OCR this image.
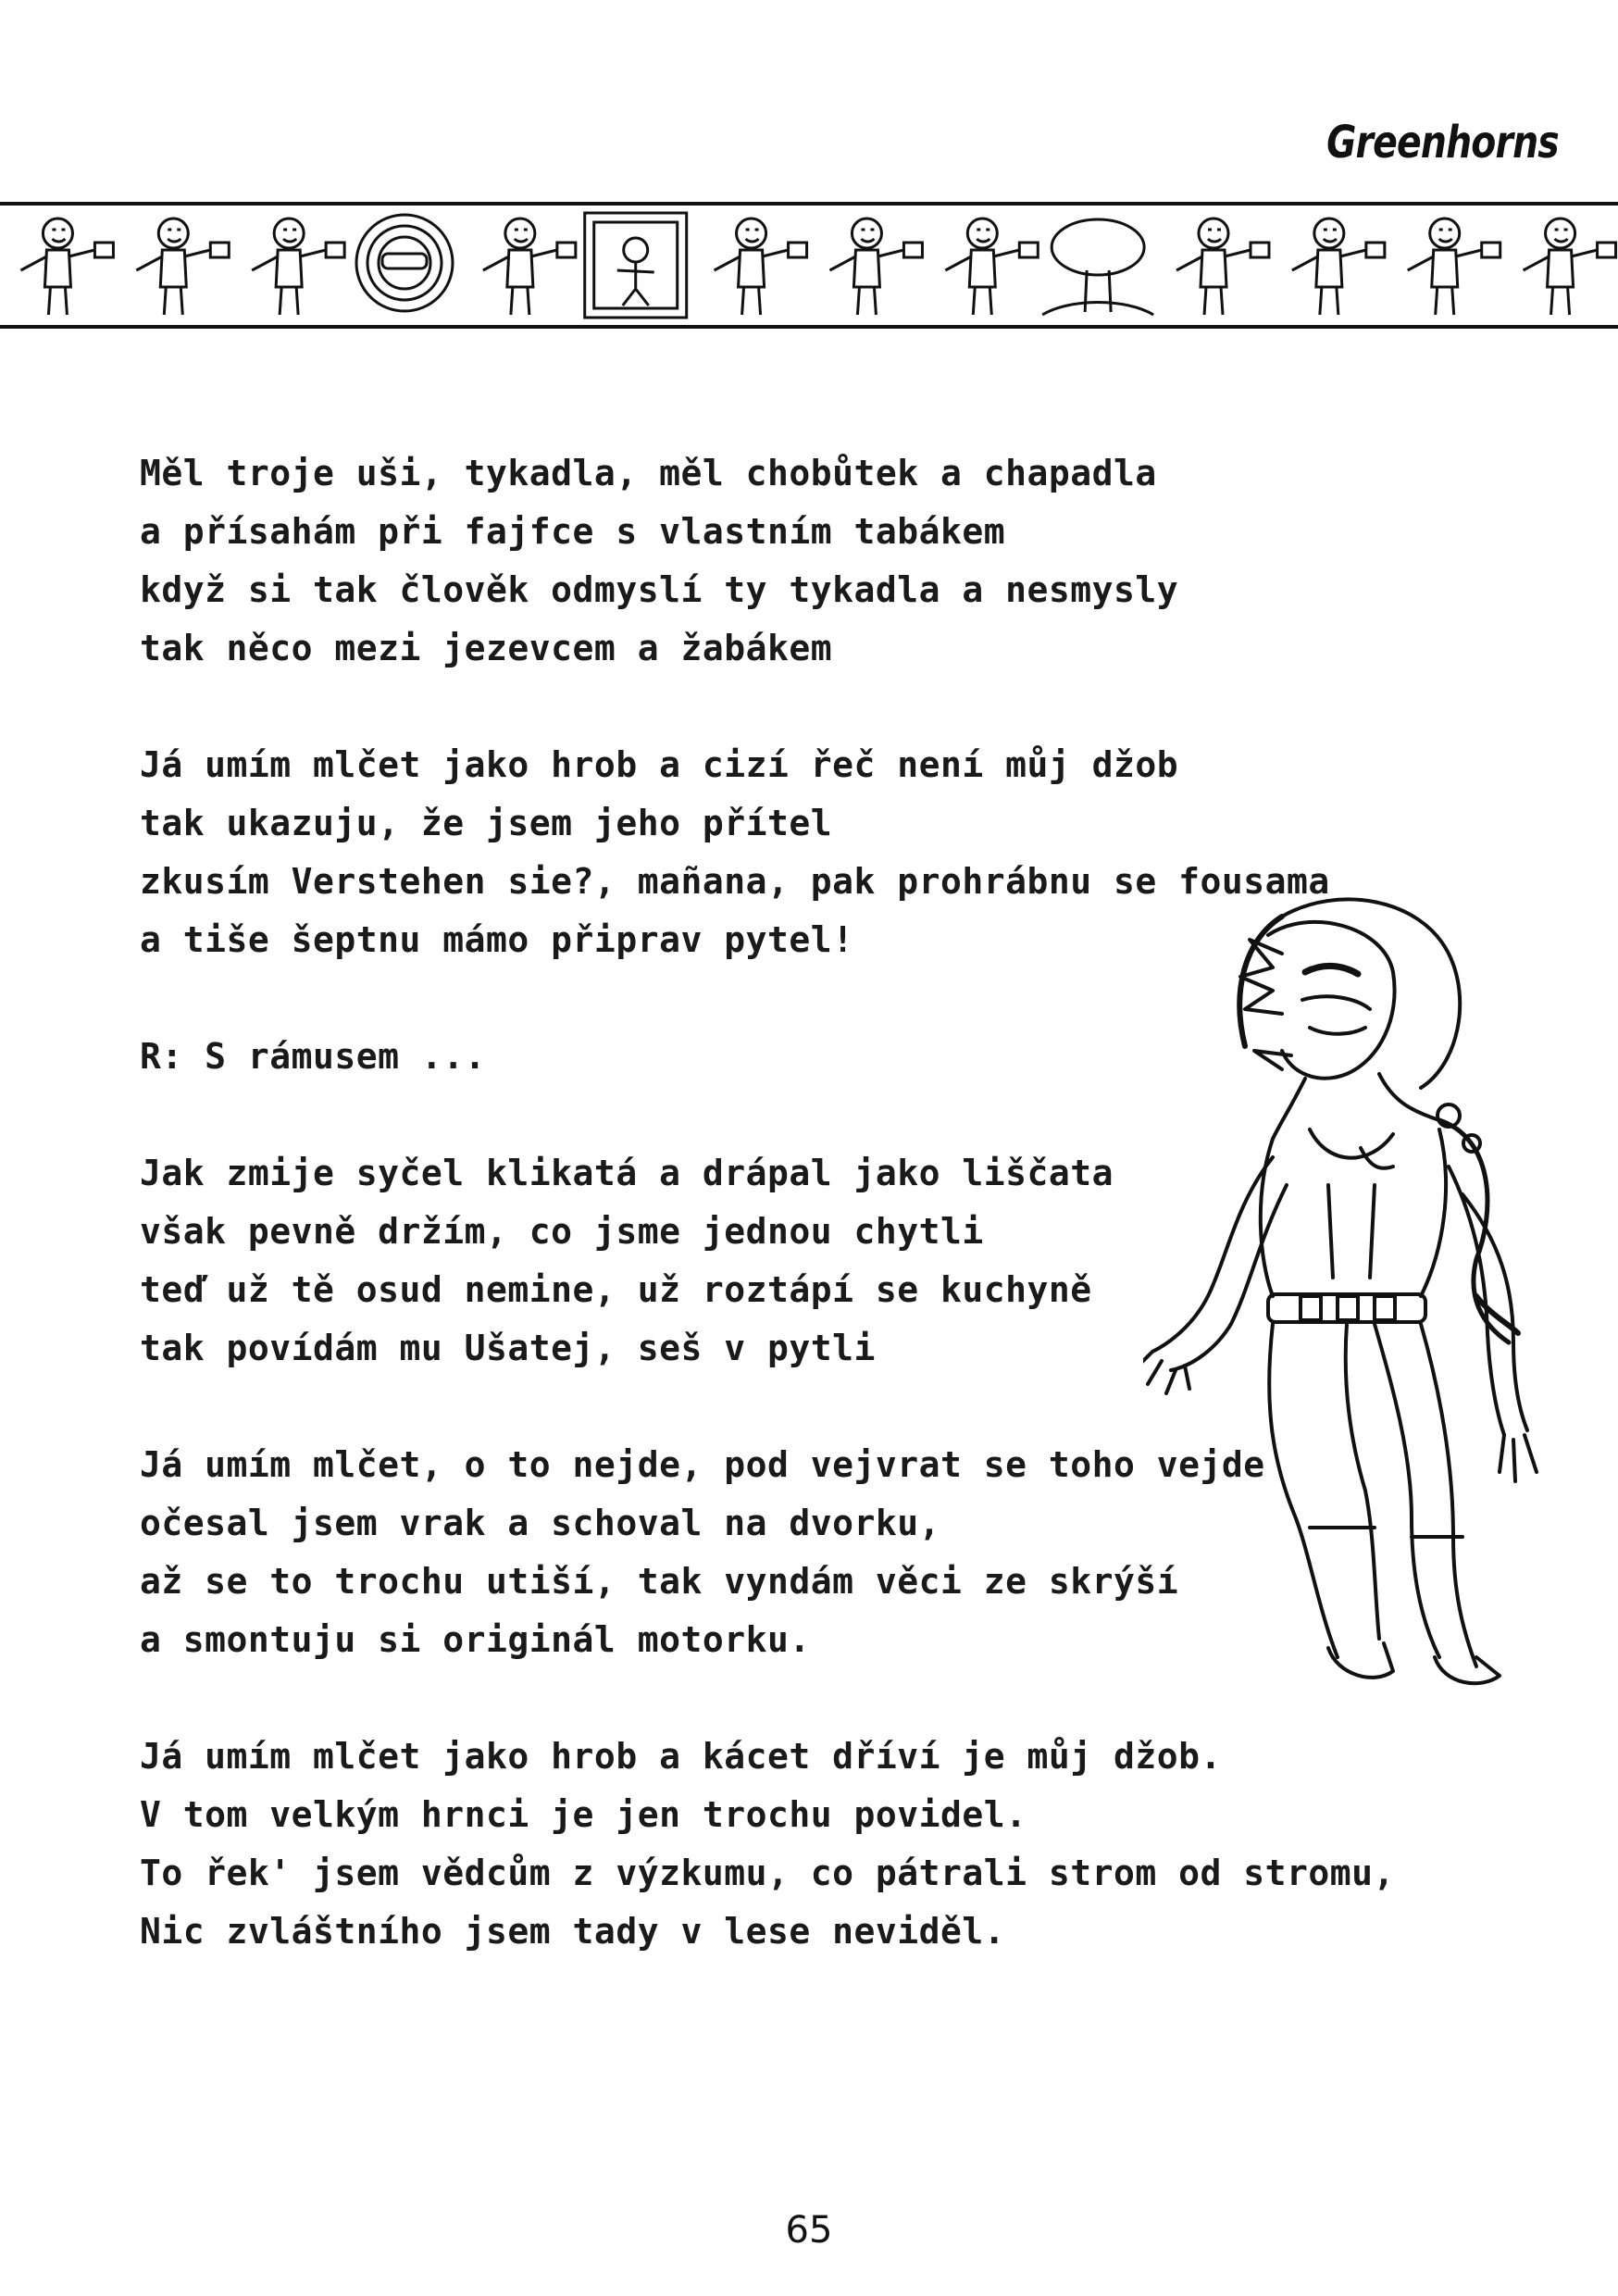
Greenhorns
Měl troje uši, tykadla, měl chobůtek a chapadla
a přísahám při fajfce s vlastním tabákem
když si tak člověk odmyslí ty tykadla a nesmysly
tak něco mezi jezevcem a žabákem
Já umím mlčet jako hrob a cizí řeč není můj džob
tak ukazuju, že jsem jeho přítel
zkusím Verstehen sie?, mañana, pak prohrábnu se fousama
a tiše šeptnu mámo připrav pytel!
R: S rámusem ...
Jak zmije syčel klikatá a drápal jako liščata
však pevně držím, co jsme jednou chytli
teď už tě osud nemine, už roztápí se kuchyně
tak povídám mu Ušatej, seš v pytli
Já umím mlčet, o to nejde, pod vejvrat se toho vejde
očesal jsem vrak a schoval na dvorku,
až se to trochu utiší, tak vyndám věci ze skrýší
a smontuju si originál motorku.
Já umím mlčet jako hrob a kácet dříví je můj džob.
V tom velkým hrnci je jen trochu povidel.
To řek' jsem vědcům z výzkumu, co pátrali strom od stromu,
Nic zvláštního jsem tady v lese neviděl.
65
